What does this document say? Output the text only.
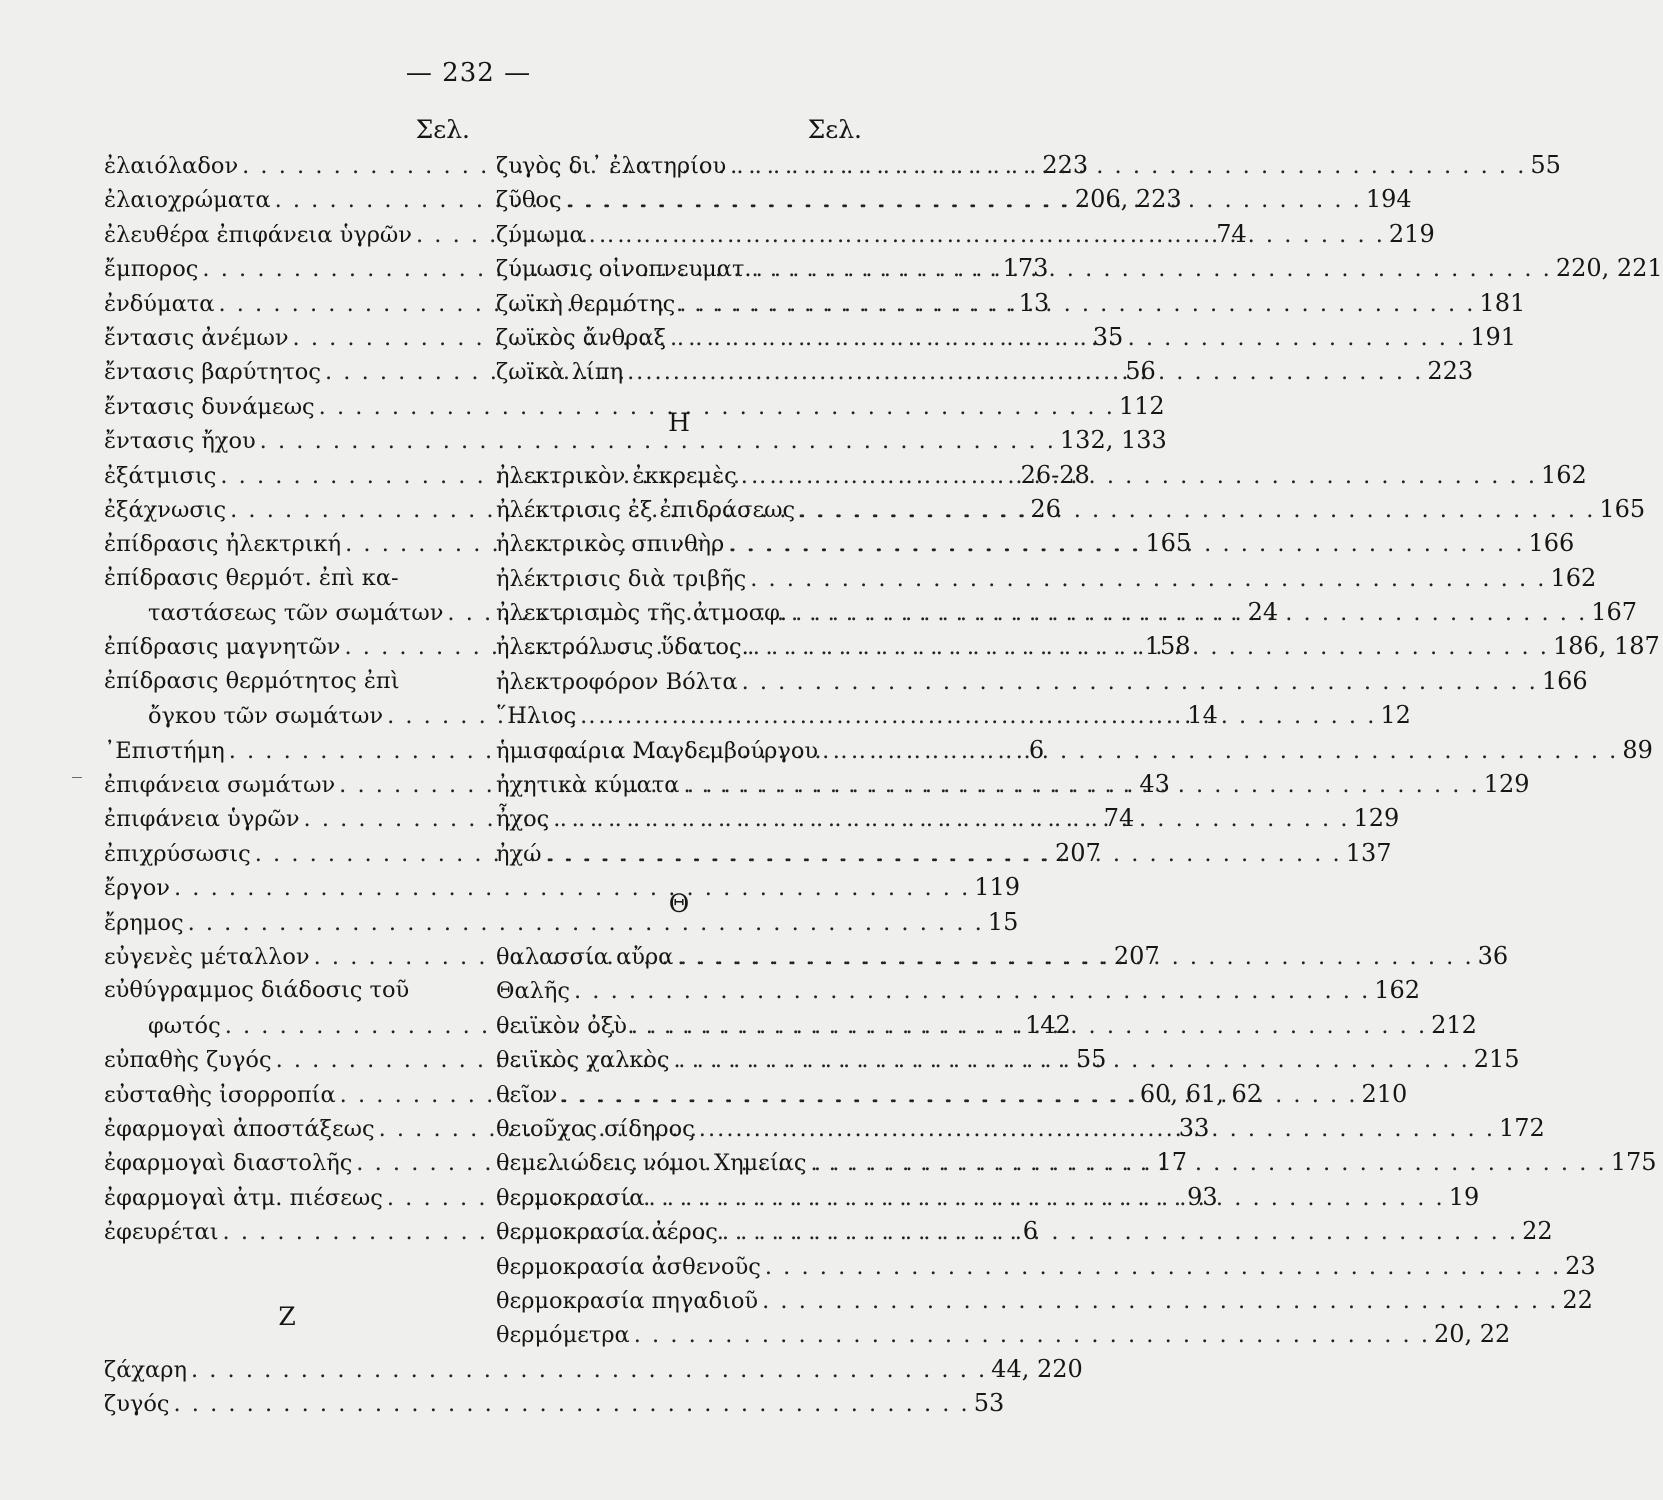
— 232 —
Σελ.
ἐλαιόλαδον . . .	223
ἐλαιοχρώματα . . .	206, 223
ἐλευθέρα ἐπιφάνεια ὑγρῶν . . .	74
ἔμπορος . . .	173
ἐνδύματα . . .	13
ἔντασις ἀνέμων . . .	35
ἔντασις βαρύτητος . . .	56
ἔντασις δυνάμεως . . .	112
ἔντασις ἤχου . . .	132, 133
ἐξάτμισις . . .	26-28
ἐξάχνωσις . . .	26
ἐπίδρασις ἠλεκτρική . . .	165
ἐπίδρασις θερμότ. ἐπὶ κα-
ταστάσεως τῶν σωμάτων . . .	24
ἐπίδρασις μαγνητῶν . . .	158
ἐπίδρασις θερμότητος ἐπὶ
ὄγκου τῶν σωμάτων . . .	14
᾽Επιστήμη . . .	6
ἐπιφάνεια σωμάτων . . .	43
ἐπιφάνεια ὑγρῶν . . .	74
ἐπιχρύσωσις . . .	207
ἔργον . . .	119
ἔρημος . . .	15
εὐγενὲς μέταλλον . . .	207
εὐθύγραμμος διάδοσις τοῦ
φωτός . . .	142
εὐπαθὴς ζυγός . . .	55
εὐσταθὴς ἰσορροπία . . .	60, 61, 62
ἐφαρμογαὶ ἀποστάξεως . . .	33
ἐφαρμογαὶ διαστολῆς . . .	17
ἐφαρμογαὶ ἀτμ. πιέσεως . . .	93
ἐφευρέται . . .	6
Ζ
ζάχαρη . . .	44, 220
ζυγός . . .	53
Σελ.
ζυγὸς δι᾽ ἐλατηρίου . . .	55
ζῦθος . . .	194
ζύμωμα . . .	219
ζύμωσις οἰνοπνευματ. . . .	220, 221
ζωϊκὴ θερμότης . . .	181
ζωϊκὸς ἄνθραξ . . .	191
ζωϊκὰ λίπη . . .	223
Η
ἠλεκτρικὸν ἐκκρεμὲς . . .	162
ἠλέκτρισις ἐξ ἐπιδράσεως . . .	165
ἠλεκτρικὸς σπινθὴρ . . .	166
ἠλέκτρισις διὰ τριβῆς . . .	162
ἠλεκτρισμὸς τῆς ἀτμοσφ. . . .	167
ἠλεκτρόλυσις ὕδατος. . . .	186, 187
ἠλεκτροφόρον Βόλτα . . .	166
῞Ηλιος . . .	12
ἡμισφαίρια Μαγδεμβούργου . . .	89
ἠχητικὰ κύματα . . .	129
ἦχος . . .	129
ἠχώ . . .	137
Θ
θαλασσία αὔρα . . .	36
Θαλῆς . . .	162
θειϊκὸν ὀξὺ . . .	212
θειϊκὸς χαλκὸς . . .	215
θεῖον . . .	210
θειοῦχος σίδηρος . . .	172
θεμελιώδεις νόμοι Χημείας . . .	175
θερμοκρασία . . .	19
θερμοκρασία ἀέρος . . .	22
θερμοκρασία ἀσθενοῦς . . .	23
θερμοκρασία πηγαδιοῦ . . .	22
θερμόμετρα . . .	20, 22
‾
